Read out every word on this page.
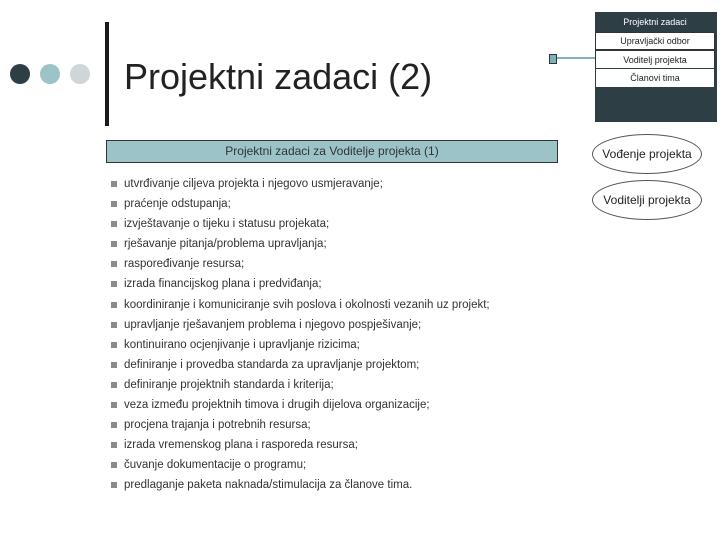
Projektni zadaci (2)
Projektni zadaci
Upravljački odbor
Voditelj projekta
Članovi tima
Vođenje projekta
Voditelji projekta
Projektni zadaci za Voditelje projekta (1)
utvrđivanje ciljeva projekta i njegovo usmjeravanje;
praćenje odstupanja;
izvještavanje o tijeku i statusu projekata;
rješavanje pitanja/problema upravljanja;
raspoređivanje resursa;
izrada financijskog plana i predviđanja;
koordiniranje i komuniciranje svih poslova i okolnosti vezanih uz projekt;
upravljanje rješavanjem problema i njegovo pospješivanje;
kontinuirano ocjenjivanje i upravljanje rizicima;
definiranje i provedba standarda za upravljanje projektom;
definiranje projektnih standarda i kriterija;
veza između projektnih timova i drugih dijelova organizacije;
procjena trajanja i potrebnih resursa;
izrada vremenskog plana i rasporeda resursa;
čuvanje dokumentacije o programu;
predlaganje paketa naknada/stimulacija za članove tima.
